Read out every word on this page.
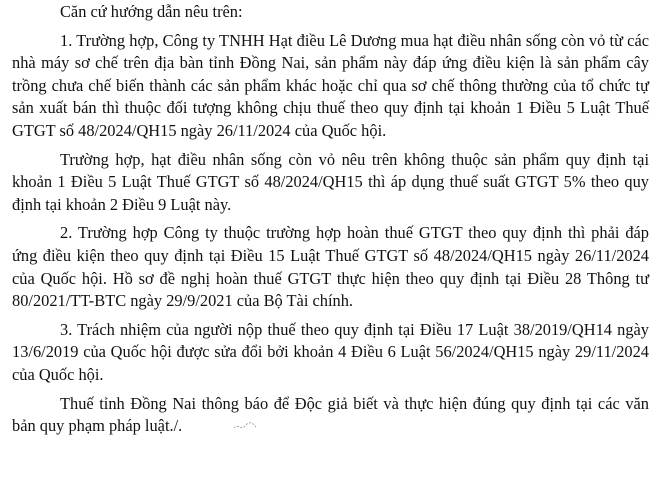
Căn cứ hướng dẫn nêu trên:

1. Trường hợp, Công ty TNHH Hạt điều Lê Dương mua hạt điều nhân sống còn vỏ từ các nhà máy sơ chế trên địa bàn tỉnh Đồng Nai, sản phẩm này đáp ứng điều kiện là sản phẩm cây trồng chưa chế biến thành các sản phẩm khác hoặc chỉ qua sơ chế thông thường của tổ chức tự sản xuất bán thì thuộc đối tượng không chịu thuế theo quy định tại khoản 1 Điều 5 Luật Thuế GTGT số 48/2024/QH15 ngày 26/11/2024 của Quốc hội.

Trường hợp, hạt điều nhân sống còn vỏ nêu trên không thuộc sản phẩm quy định tại khoản 1 Điều 5 Luật Thuế GTGT số 48/2024/QH15 thì áp dụng thuế suất GTGT 5% theo quy định tại khoản 2 Điều 9 Luật này.

2. Trường hợp Công ty thuộc trường hợp hoàn thuế GTGT theo quy định thì phải đáp ứng điều kiện theo quy định tại Điều 15 Luật Thuế GTGT số 48/2024/QH15 ngày 26/11/2024 của Quốc hội. Hồ sơ đề nghị hoàn thuế GTGT thực hiện theo quy định tại Điều 28 Thông tư 80/2021/TT-BTC ngày 29/9/2021 của Bộ Tài chính.

3. Trách nhiệm của người nộp thuế theo quy định tại Điều 17 Luật 38/2019/QH14 ngày 13/6/2019 của Quốc hội được sửa đổi bởi khoản 4 Điều 6 Luật 56/2024/QH15 ngày 29/11/2024 của Quốc hội.

Thuế tỉnh Đồng Nai thông báo để Độc giả biết và thực hiện đúng quy định tại các văn bản quy phạm pháp luật./.
